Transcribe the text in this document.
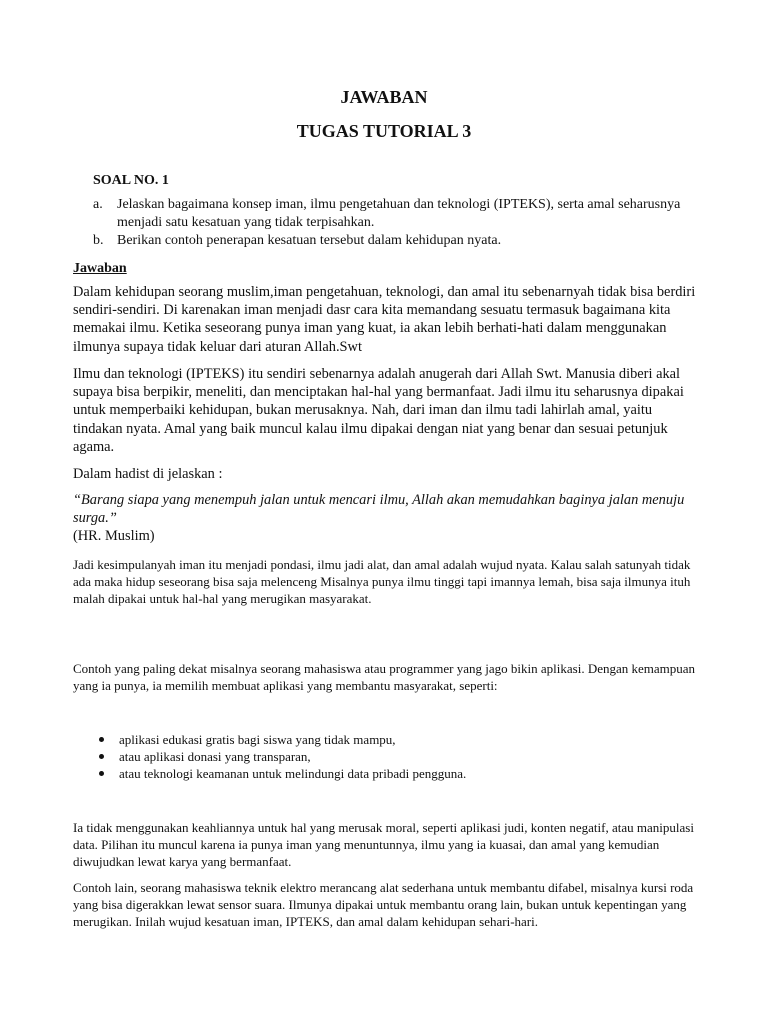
JAWABAN
TUGAS TUTORIAL 3
SOAL NO. 1
a.	Jelaskan bagaimana konsep iman, ilmu pengetahuan dan teknologi (IPTEKS), serta amal seharusnya menjadi satu kesatuan yang tidak terpisahkan.
b. Berikan contoh penerapan kesatuan tersebut dalam kehidupan nyata.
Jawaban

Dalam kehidupan seorang muslim,iman pengetahuan, teknologi, dan amal itu sebenarnyah tidak bisa berdiri sendiri-sendiri. Di karenakan iman menjadi dasr cara kita memandang sesuatu termasuk bagaimana kita memakai ilmu. Ketika seseorang punya iman yang kuat, ia akan lebih berhati-hati dalam menggunakan ilmunya supaya tidak keluar dari aturan Allah.Swt

Ilmu dan teknologi (IPTEKS) itu sendiri sebenarnya adalah anugerah dari Allah Swt. Manusia diberi akal supaya bisa berpikir, meneliti, dan menciptakan hal-hal yang bermanfaat. Jadi ilmu itu seharusnya dipakai untuk memperbaiki kehidupan, bukan merusaknya. Nah, dari iman dan ilmu tadi lahirlah amal, yaitu tindakan nyata. Amal yang baik muncul kalau ilmu dipakai dengan niat yang benar dan sesuai petunjuk agama.

Dalam hadist di jelaskan :

“Barang siapa yang menempuh jalan untuk mencari ilmu, Allah akan memudahkan baginya jalan menuju surga.”

(HR. Muslim)

Jadi kesimpulanyah iman itu menjadi pondasi, ilmu jadi alat, dan amal adalah wujud nyata. Kalau salah satunyah tidak ada maka hidup seseorang bisa saja melenceng Misalnya punya ilmu tinggi tapi imannya lemah, bisa saja ilmunya ituh malah dipakai untuk hal-hal yang merugikan masyarakat.

Contoh yang paling dekat misalnya seorang mahasiswa atau programmer yang jago bikin aplikasi. Dengan kemampuan yang ia punya, ia memilih membuat aplikasi yang membantu masyarakat, seperti:

aplikasi edukasi gratis bagi siswa yang tidak mampu,
atau aplikasi donasi yang transparan,
atau teknologi keamanan untuk melindungi data pribadi pengguna.

Ia tidak menggunakan keahliannya untuk hal yang merusak moral, seperti aplikasi judi, konten negatif, atau manipulasi data. Pilihan itu muncul karena ia punya iman yang menuntunnya, ilmu yang ia kuasai, dan amal yang kemudian diwujudkan lewat karya yang bermanfaat.

Contoh lain, seorang mahasiswa teknik elektro merancang alat sederhana untuk membantu difabel, misalnya kursi roda yang bisa digerakkan lewat sensor suara. Ilmunya dipakai untuk membantu orang lain, bukan untuk kepentingan yang merugikan. Inilah wujud kesatuan iman, IPTEKS, dan amal dalam kehidupan sehari-hari.
